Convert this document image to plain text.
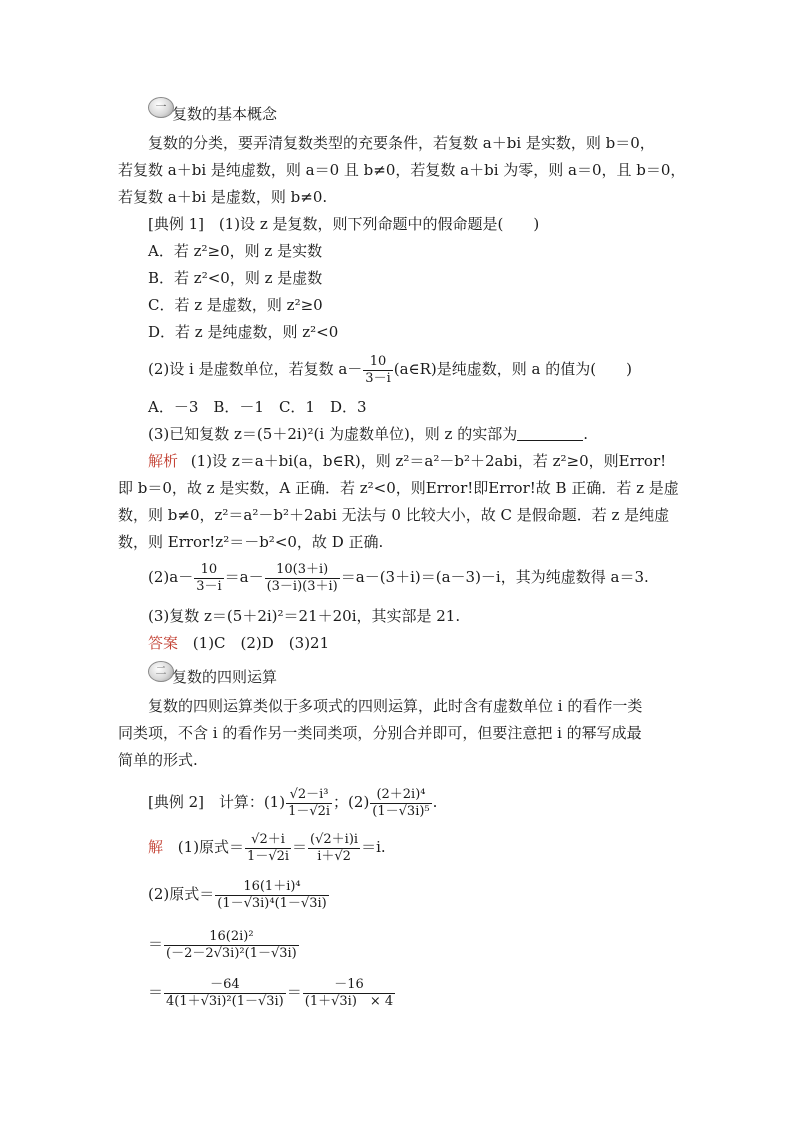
一 复数的基本概念
复数的分类，要弄清复数类型的充要条件，若复数 a＋bi 是实数，则 b＝0，
若复数 a＋bi 是纯虚数，则 a＝0 且 b≠0，若复数 a＋bi 为零，则 a＝0，且 b＝0，
若复数 a＋bi 是虚数，则 b≠0.
[典例 1] (1)设 z 是复数，则下列命题中的假命题是(　　)
A．若 z²≥0，则 z 是实数
B．若 z²<0，则 z 是虚数
C．若 z 是虚数，则 z²≥0
D．若 z 是纯虚数，则 z²<0
(2)设 i 是虚数单位，若复数 $a- \frac{10}{3-i}$ (a∈R)是纯虚数，则 a 的值为(　　)
A．－3　B．－1　C．1　D．3
(3)已知复数 z＝(5＋2i)²(i 为虚数单位)，则 z 的实部为	.
解析 (1)设 z＝a＋bi(a，b∈R)，则 z²＝a²－b²＋2abi，若 z²≥0，则Error!
即 b＝0，故 z 是实数，A 正确．若 z²<0，则Error!即Error!故 B 正确．若 z 是虚
数，则 b≠0，z²＝a²－b²＋2abi 无法与 0 比较大小，故 C 是假命题．若 z 是纯虚
数，则 Error!z²＝－b²<0，故 D 正确.
$(2)a- \frac{10}{3-i} =a- \frac{10(3+i)}{(3-i)(3+i)} =a-(3+i)=(a-3)-i$，其为纯虚数得 a＝3.
(3)复数 z＝(5＋2i)²＝21＋20i，其实部是 21.
答案 (1)C　(2)D　(3)21
二 复数的四则运算
复数的四则运算类似于多项式的四则运算，此时含有虚数单位 i 的看作一类
同类项，不含 i 的看作另一类同类项，分别合并即可，但要注意把 i 的幂写成最
简单的形式.
[典例 2] 计算：$(1) \frac{\text{√2－i³}}{1-√2i}$ ；$(2) \frac{\text{(2＋2i)⁴}}{\text{(1－√3i)⁵}}$ .
解 (1)原式＝ $\frac{√2+i}{1-√2i} = \frac{(√2+i)i}{i+√2} =i$.
(2)原式＝ $\frac{\text{16(1＋i)⁴}}{\text{(1－√3i)⁴(1－√3i)}}$
＝ $\frac{\text{16(2i)²}}{\text{(－2－2√3i)²(1－√3i)}}$
＝ $\frac{-64}{\text{4(1＋√3i)²(1－√3i)}} = \frac{-16}{(1+√3i) \times 4}$
